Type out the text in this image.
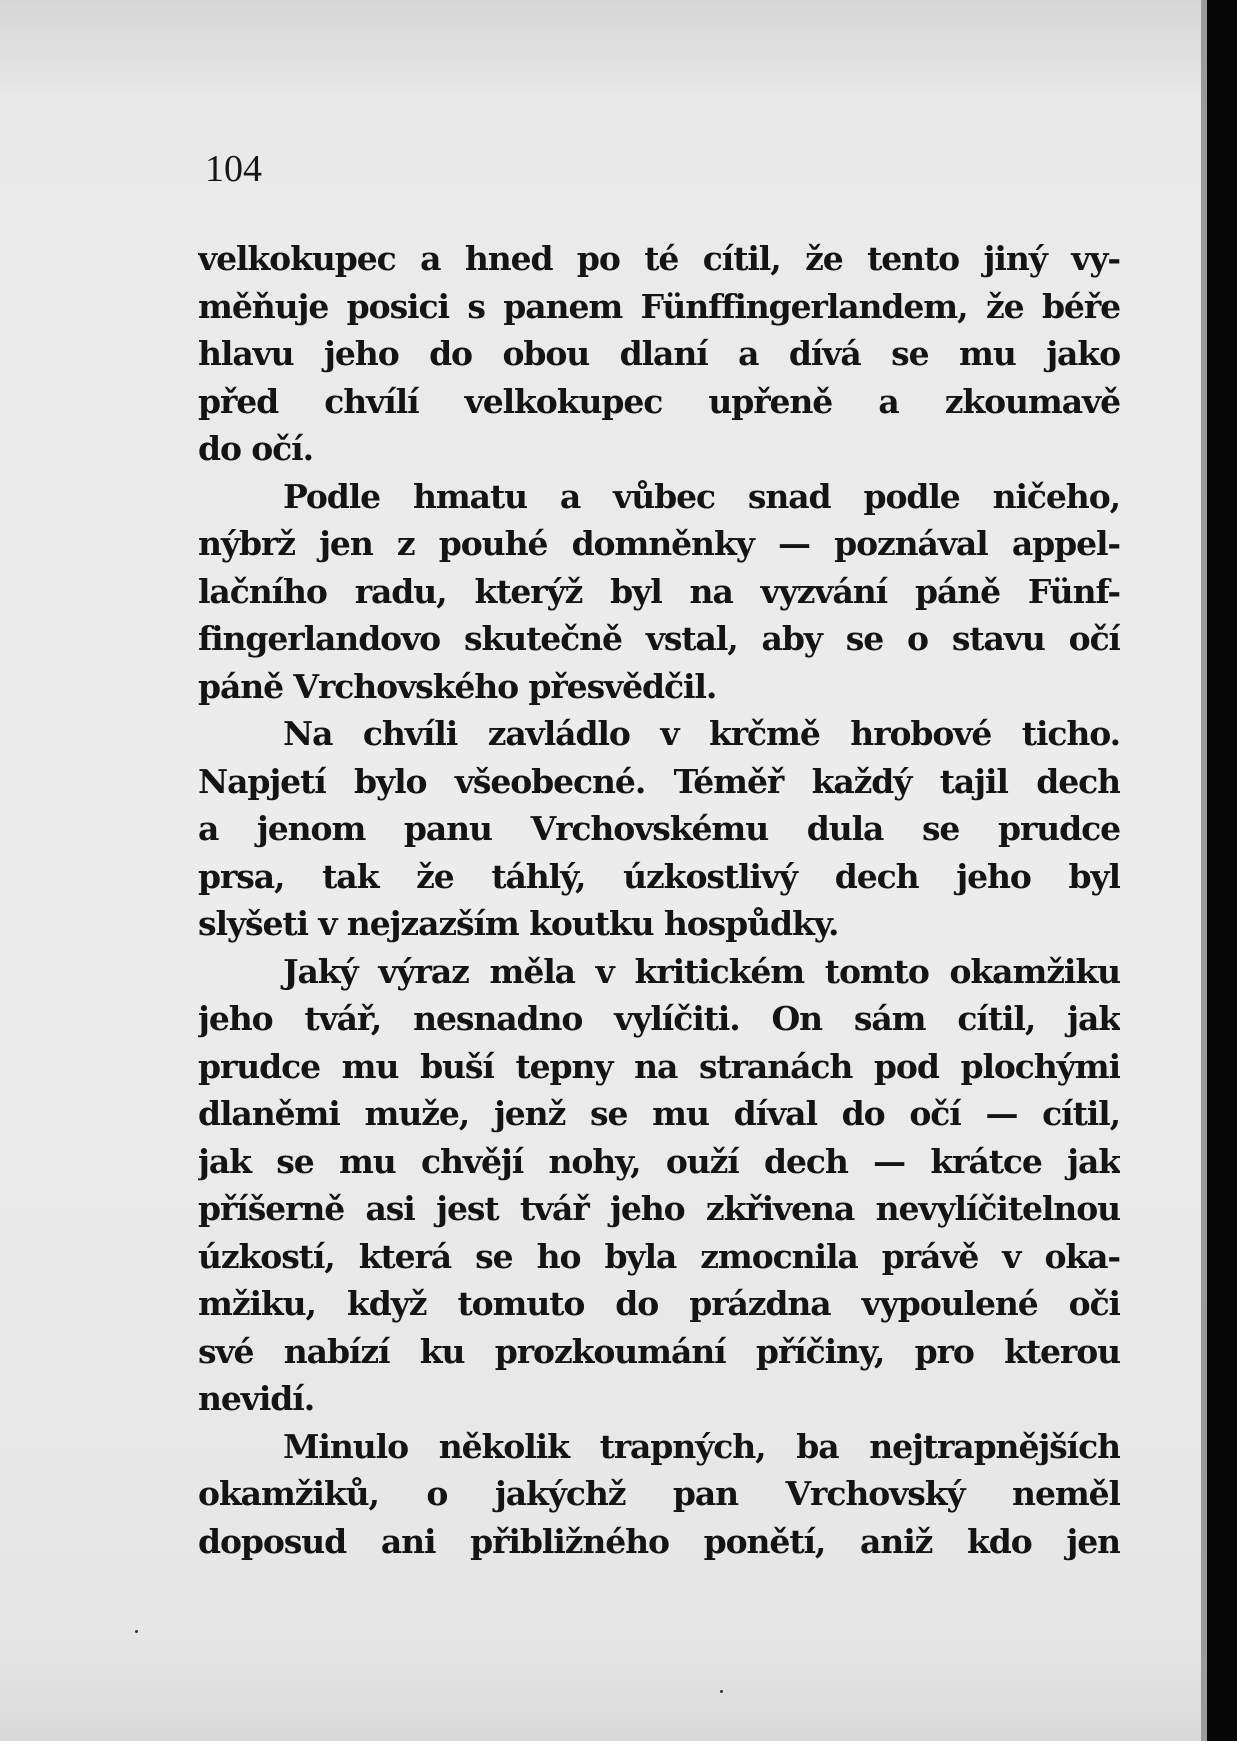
104
velkokupec a hned po té cítil, že tento jiný vy-
měňuje posici s panem Fünffingerlandem, že béře
hlavu jeho do obou dlaní a dívá se mu jako
před chvílí velkokupec upřeně a zkoumavě
do očí.
Podle hmatu a vůbec snad podle ničeho,
nýbrž jen z pouhé domněnky — poznával appel-
lačního radu, kterýž byl na vyzvání páně Fünf-
fingerlandovo skutečně vstal, aby se o stavu očí
páně Vrchovského přesvědčil.
Na chvíli zavládlo v krčmě hrobové ticho.
Napjetí bylo všeobecné. Téměř každý tajil dech
a jenom panu Vrchovskému dula se prudce
prsa, tak že táhlý, úzkostlivý dech jeho byl
slyšeti v nejzazším koutku hospůdky.
Jaký výraz měla v kritickém tomto okamžiku
jeho tvář, nesnadno vylíčiti. On sám cítil, jak
prudce mu buší tepny na stranách pod plochými
dlaněmi muže, jenž se mu díval do očí — cítil,
jak se mu chvějí nohy, ouží dech — krátce jak
příšerně asi jest tvář jeho zkřivena nevylíčitelnou
úzkostí, která se ho byla zmocnila právě v oka-
mžiku, když tomuto do prázdna vypoulené oči
své nabízí ku prozkoumání příčiny, pro kterou
nevidí.
Minulo několik trapných, ba nejtrapnějších
okamžiků, o jakýchž pan Vrchovský neměl
doposud ani přibližného ponětí, aniž kdo jen
